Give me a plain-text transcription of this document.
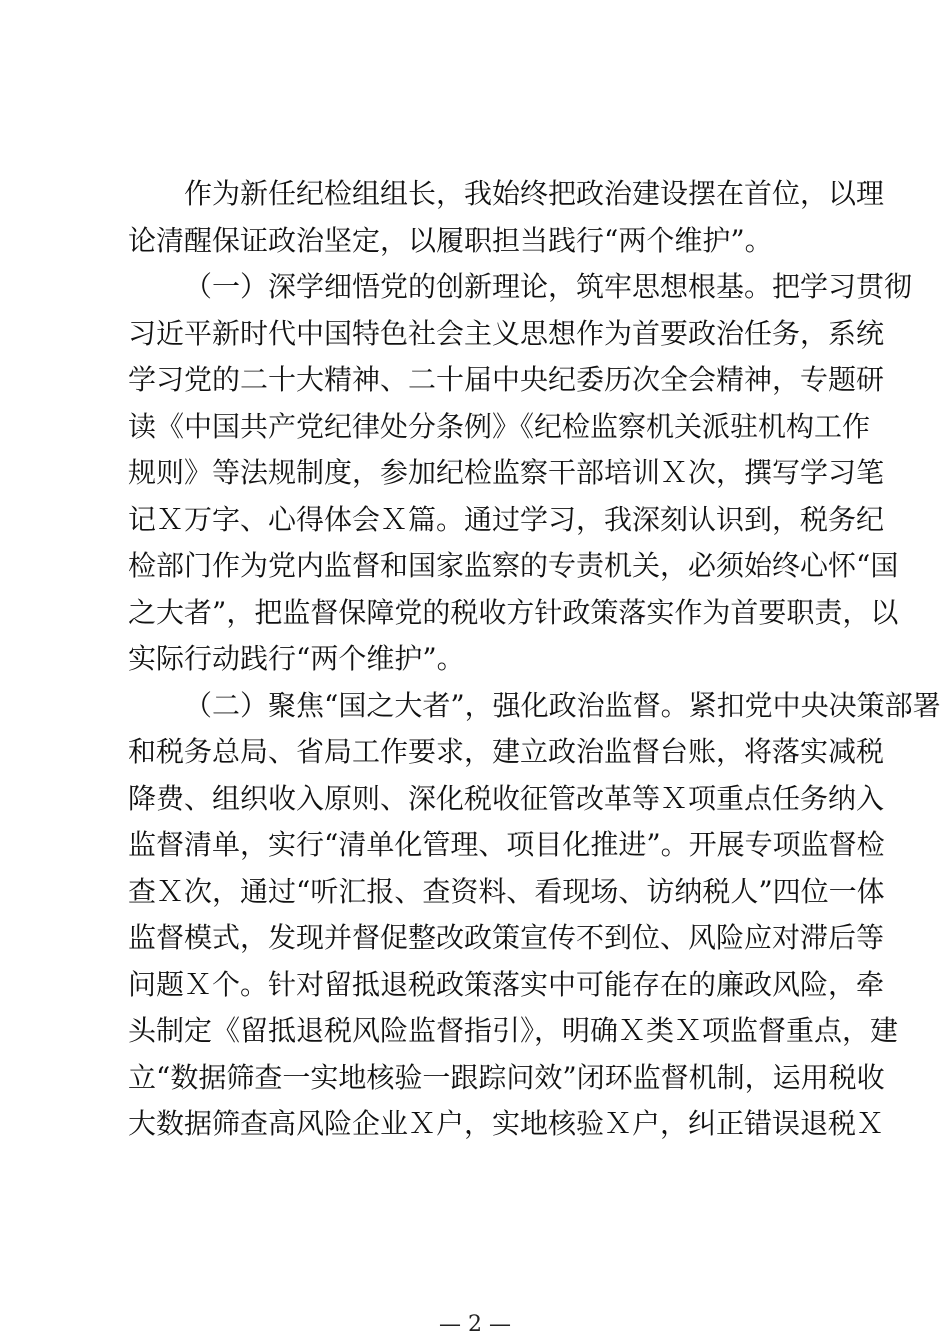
作为新任纪检组组长，我始终把政治建设摆在首位，以理
论清醒保证政治坚定，以履职担当践行“两个维护”。
（一）深学细悟党的创新理论，筑牢思想根基。把学习贯彻
习近平新时代中国特色社会主义思想作为首要政治任务，系统
学习党的二十大精神、二十届中央纪委历次全会精神，专题研
读《中国共产党纪律处分条例》《纪检监察机关派驻机构工作
规则》等法规制度，参加纪检监察干部培训Ｘ次，撰写学习笔
记Ｘ万字、心得体会Ｘ篇。通过学习，我深刻认识到，税务纪
检部门作为党内监督和国家监察的专责机关，必须始终心怀“国
之大者”，把监督保障党的税收方针政策落实作为首要职责，以
实际行动践行“两个维护”。
（二）聚焦“国之大者”，强化政治监督。紧扣党中央决策部署
和税务总局、省局工作要求，建立政治监督台账，将落实减税
降费、组织收入原则、深化税收征管改革等Ｘ项重点任务纳入
监督清单，实行“清单化管理、项目化推进”。开展专项监督检
查Ｘ次，通过“听汇报、查资料、看现场、访纳税人”四位一体
监督模式，发现并督促整改政策宣传不到位、风险应对滞后等
问题Ｘ个。针对留抵退税政策落实中可能存在的廉政风险，牵
头制定《留抵退税风险监督指引》，明确Ｘ类Ｘ项监督重点，建
立“数据筛查一实地核验一跟踪问效”闭环监督机制，运用税收
大数据筛查高风险企业Ｘ户，实地核验Ｘ户，纠正错误退税Ｘ
— 2 —
